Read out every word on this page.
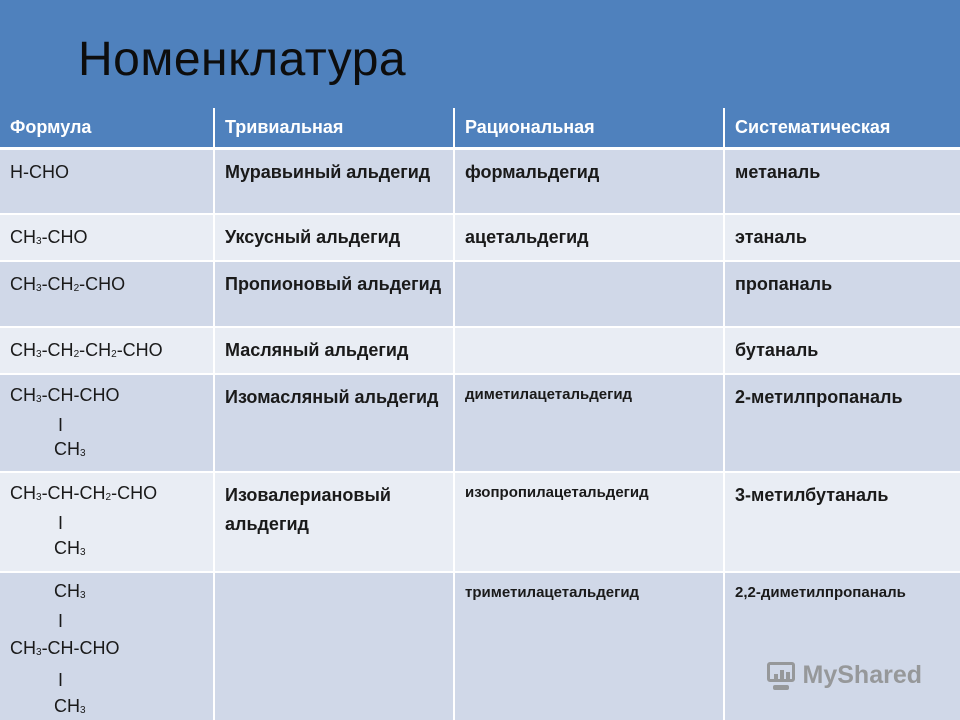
Номенклатура
Формула	Тривиальная	Рациональная	Систематическая

H-CHO	Муравьиный альдегид	формальдегид	метаналь

$CH_3$-CHO	Уксусный альдегид	ацетальдегид	этаналь

$CH_3-CH_2$-CHO	Пропионовый альдегид		пропаналь

$CH_3-CH_2-CH_2$-CHO	Масляный альдегид		бутаналь

$CH_3-CH$-CHO
I
$CH_3$	Изомасляный альдегид	диметилацетальдегид	2-метилпропаналь

$CH_3-CH-CH_2$-CHO
I
$CH_3$	Изовалериановый альдегид	изопропилацетальдегид	3-метилбутаналь

$CH_3$
I
$CH_3-CH$-CHO
I
$CH_3$		триметилацетальдегид	2,2-диметилпропаналь
MyShared
